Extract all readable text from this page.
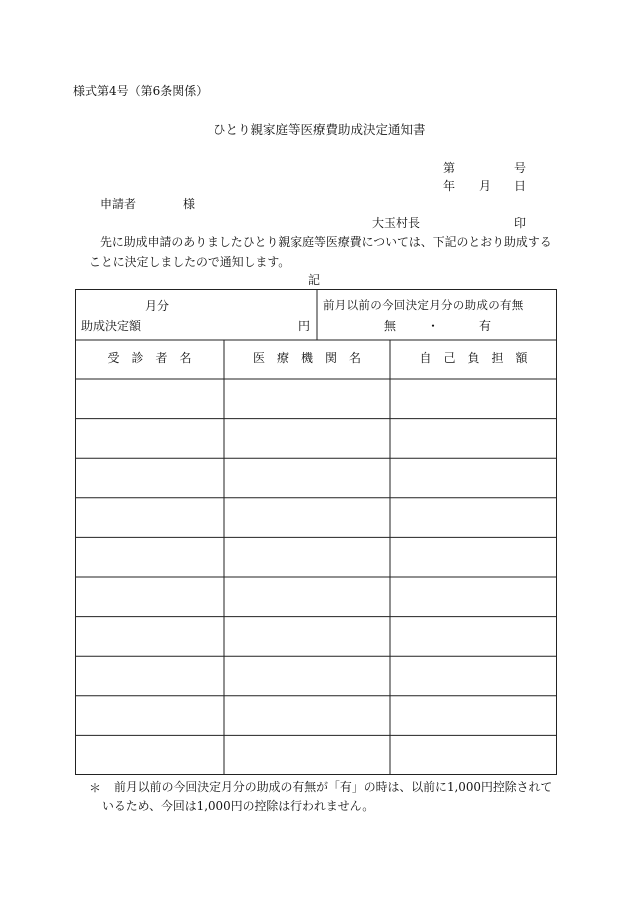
様式第4号（第6条関係）
ひとり親家庭等医療費助成決定通知書
第	号
年 月 日
申請者	様
大玉村長	印
先に助成申請のありましたひとり親家庭等医療費については、下記のとおり助成する
ことに決定しましたので通知します。
記
月分
助成決定額	円
前月以前の今回決定月分の助成の有無
無	・	有
受　診　者　名	医　療　機　関　名	自　己　負　担　額
＊ 前月以前の今回決定月分の助成の有無が「有」の時は、以前に1,000円控除されて
いるため、今回は1,000円の控除は行われません。
